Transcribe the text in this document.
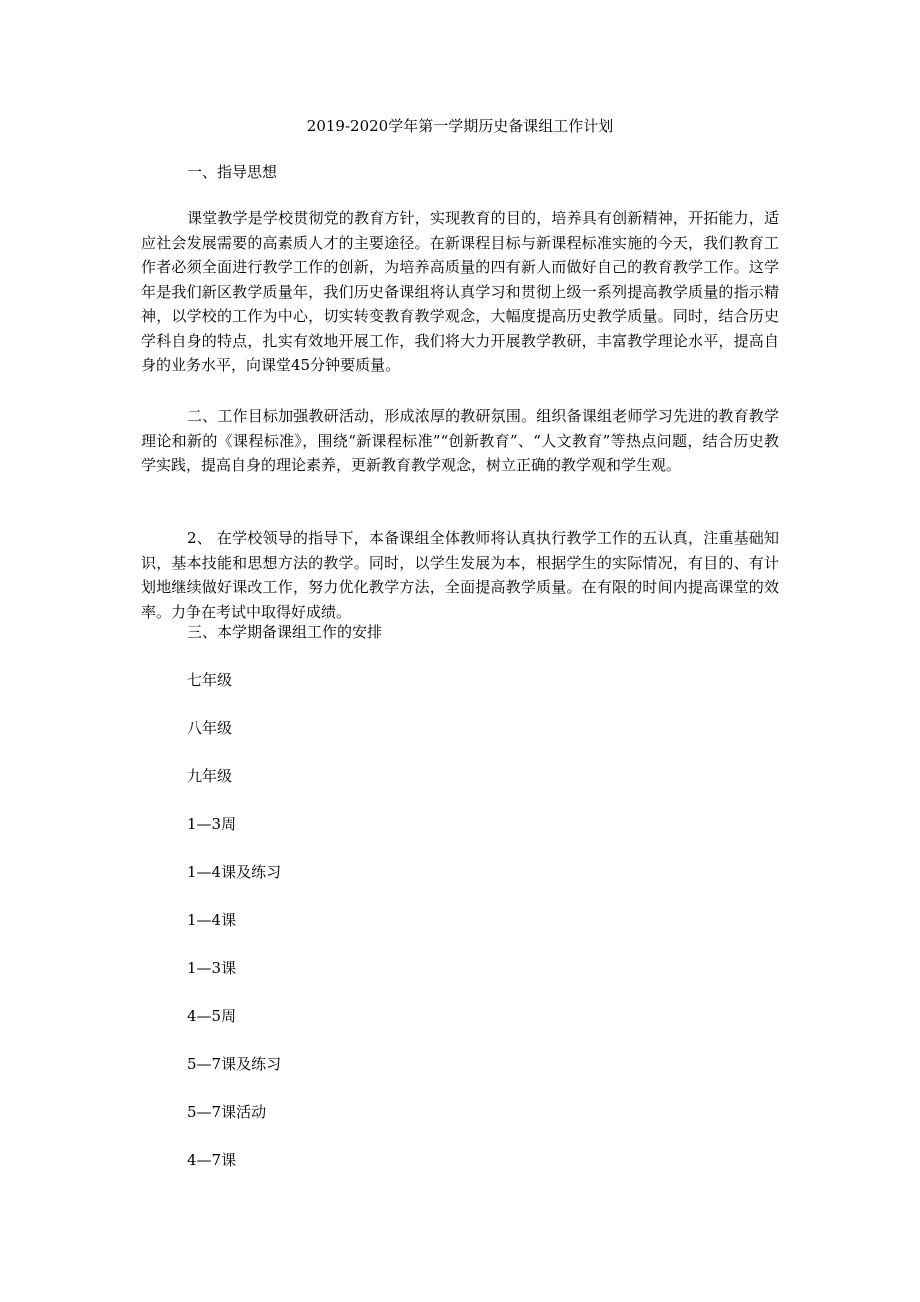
2019-2020学年第一学期历史备课组工作计划
一、指导思想

课堂教学是学校贯彻党的教育方针，实现教育的目的，培养具有创新精神，开拓能力，适应社会发展需要的高素质人才的主要途径。在新课程目标与新课程标准实施的今天，我们教育工作者必须全面进行教学工作的创新，为培养高质量的四有新人而做好自己的教育教学工作。这学年是我们新区教学质量年，我们历史备课组将认真学习和贯彻上级一系列提高教学质量的指示精神，以学校的工作为中心，切实转变教育教学观念，大幅度提高历史教学质量。同时，结合历史学科自身的特点，扎实有效地开展工作，我们将大力开展教学教研，丰富教学理论水平，提高自身的业务水平，向课堂45分钟要质量。

二、工作目标加强教研活动，形成浓厚的教研氛围。组织备课组老师学习先进的教育教学理论和新的《课程标准》，围绕“新课程标准”“创新教育”、“人文教育”等热点问题，结合历史教学实践，提高自身的理论素养，更新教育教学观念，树立正确的教学观和学生观。

2、 在学校领导的指导下，本备课组全体教师将认真执行教学工作的五认真，注重基础知识，基本技能和思想方法的教学。同时，以学生发展为本，根据学生的实际情况，有目的、有计划地继续做好课改工作，努力优化教学方法，全面提高教学质量。在有限的时间内提高课堂的效率。力争在考试中取得好成绩。

三、本学期备课组工作的安排
七年级
八年级
九年级
1—3周
1—4课及练习
1—4课
1—3课
4—5周
5—7课及练习
5—7课活动
4—7课
